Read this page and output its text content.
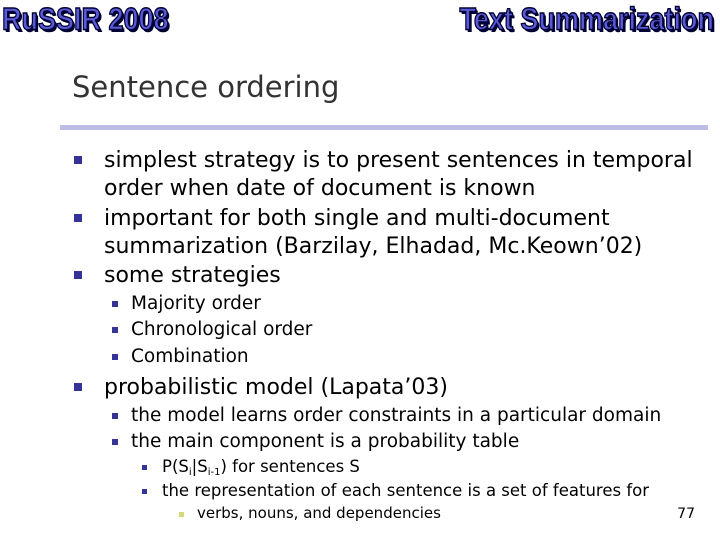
RuSSIR 2008	Text Summarization
Sentence ordering
simplest strategy is to present sentences in temporal
order when date of document is known
important for both single and multi-document
summarization (Barzilay, Elhadad, Mc.Keown’02)
some strategies
Majority order
Chronological order
Combination
probabilistic model (Lapata’03)
the model learns order constraints in a particular domain
the main component is a probability table
$P(S_i|S_{i-1})$ for sentences S
the representation of each sentence is a set of features for
verbs, nouns, and dependencies	77
